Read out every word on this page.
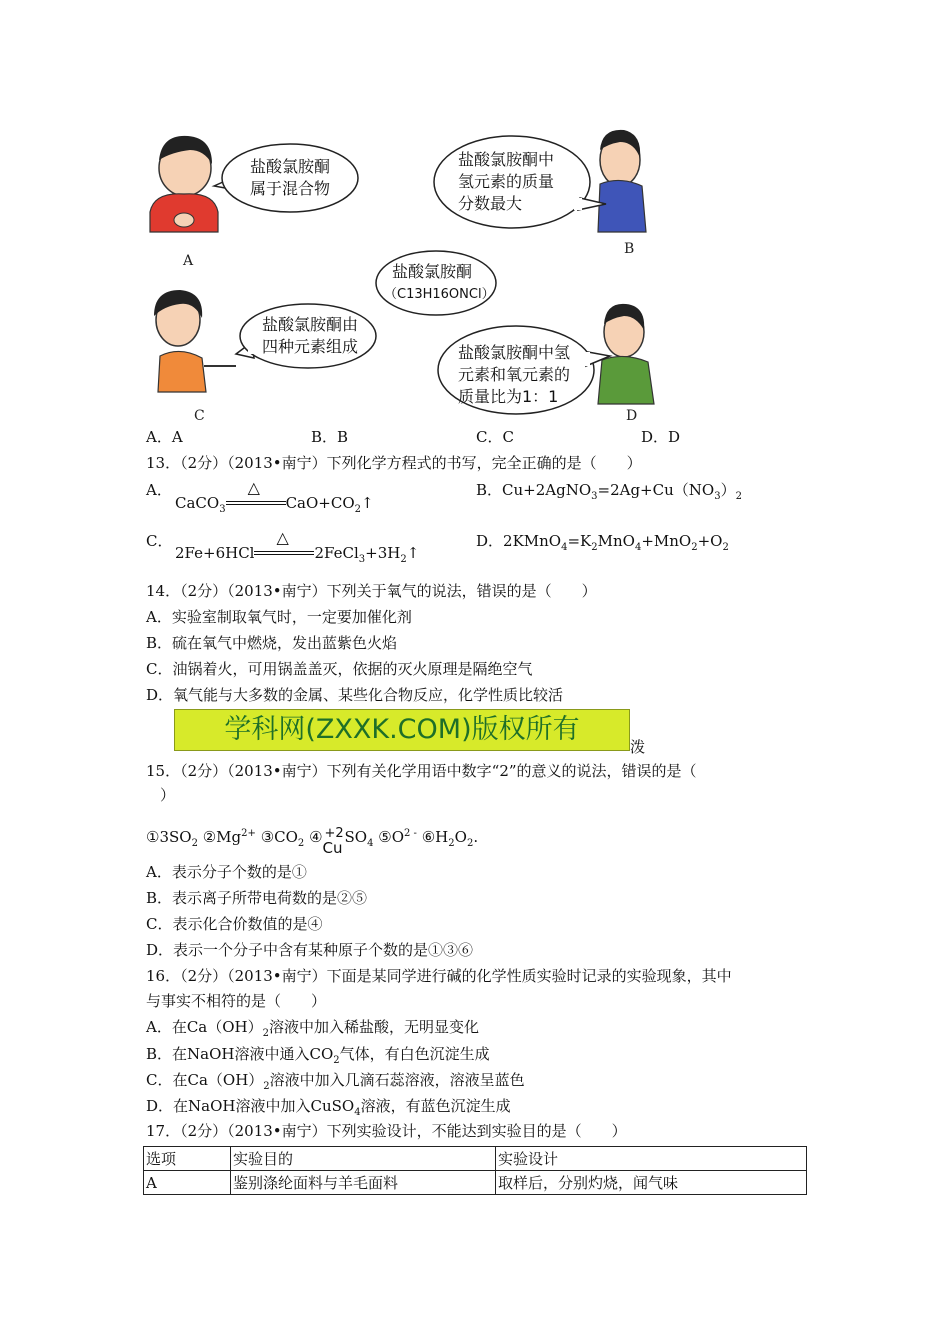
盐酸氯胺酮
属于混合物
A
盐酸氯胺酮中
氢元素的质量
分数最大
B
盐酸氯胺酮
（C13H16ONCl）
盐酸氯胺酮由
四种元素组成
C
盐酸氯胺酮中氢
元素和氧元素的
质量比为1：1
D
A．A	B．B	C．C	D．D
13．（2分）（2013•南宁）下列化学方程式的书写，完全正确的是（　　）
A．
CaCO$_3$
△
$CaO+CO_2↑$
B．$Cu+2AgNO_3=2Ag+Cu(NO_3)_2$
C．
2Fe+6HCl
△
$2FeCl_3+3H_2↑$
D．$2KMnO_4=K_2MnO_4+MnO_2+O_2$
14．（2分）（2013•南宁）下列关于氧气的说法，错误的是（　　）
A．实验室制取氧气时，一定要加催化剂
B．硫在氧气中燃烧，发出蓝紫色火焰
C．油锅着火，可用锅盖盖灭，依据的灭火原理是隔绝空气
D．氧气能与大多数的金属、某些化合物反应，化学性质比较活
学科网(ZXXK.COM)版权所有
泼
15．（2分）（2013•南宁）下列有关化学用语中数字“2”的意义的说法，错误的是（
）
$①3SO_2$ $②Mg^{2+}$ $③CO_2$ ④ +2
Cu
$SO_4$ $⑤O^{2 -}$ $⑥H_2O_2$.
A．表示分子个数的是①
B．表示离子所带电荷数的是②⑤
C．表示化合价数值的是④
D．表示一个分子中含有某种原子个数的是①③⑥
16．（2分）（2013•南宁）下面是某同学进行碱的化学性质实验时记录的实验现象，其中
与事实不相符的是（　　）
A．在$Ca(OH)_2$溶液中加入稀盐酸，无明显变化
B．在NaOH溶液中通入$CO_2$气体，有白色沉淀生成
C．在$Ca(OH)_2$溶液中加入几滴石蕊溶液，溶液呈蓝色
D．在NaOH溶液中加入CuSO$_4$溶液，有蓝色沉淀生成
17．（2分）（2013•南宁）下列实验设计，不能达到实验目的是（　　）
选项	实验目的	实验设计
A	鉴别涤纶面料与羊毛面料	取样后，分别灼烧，闻气味
